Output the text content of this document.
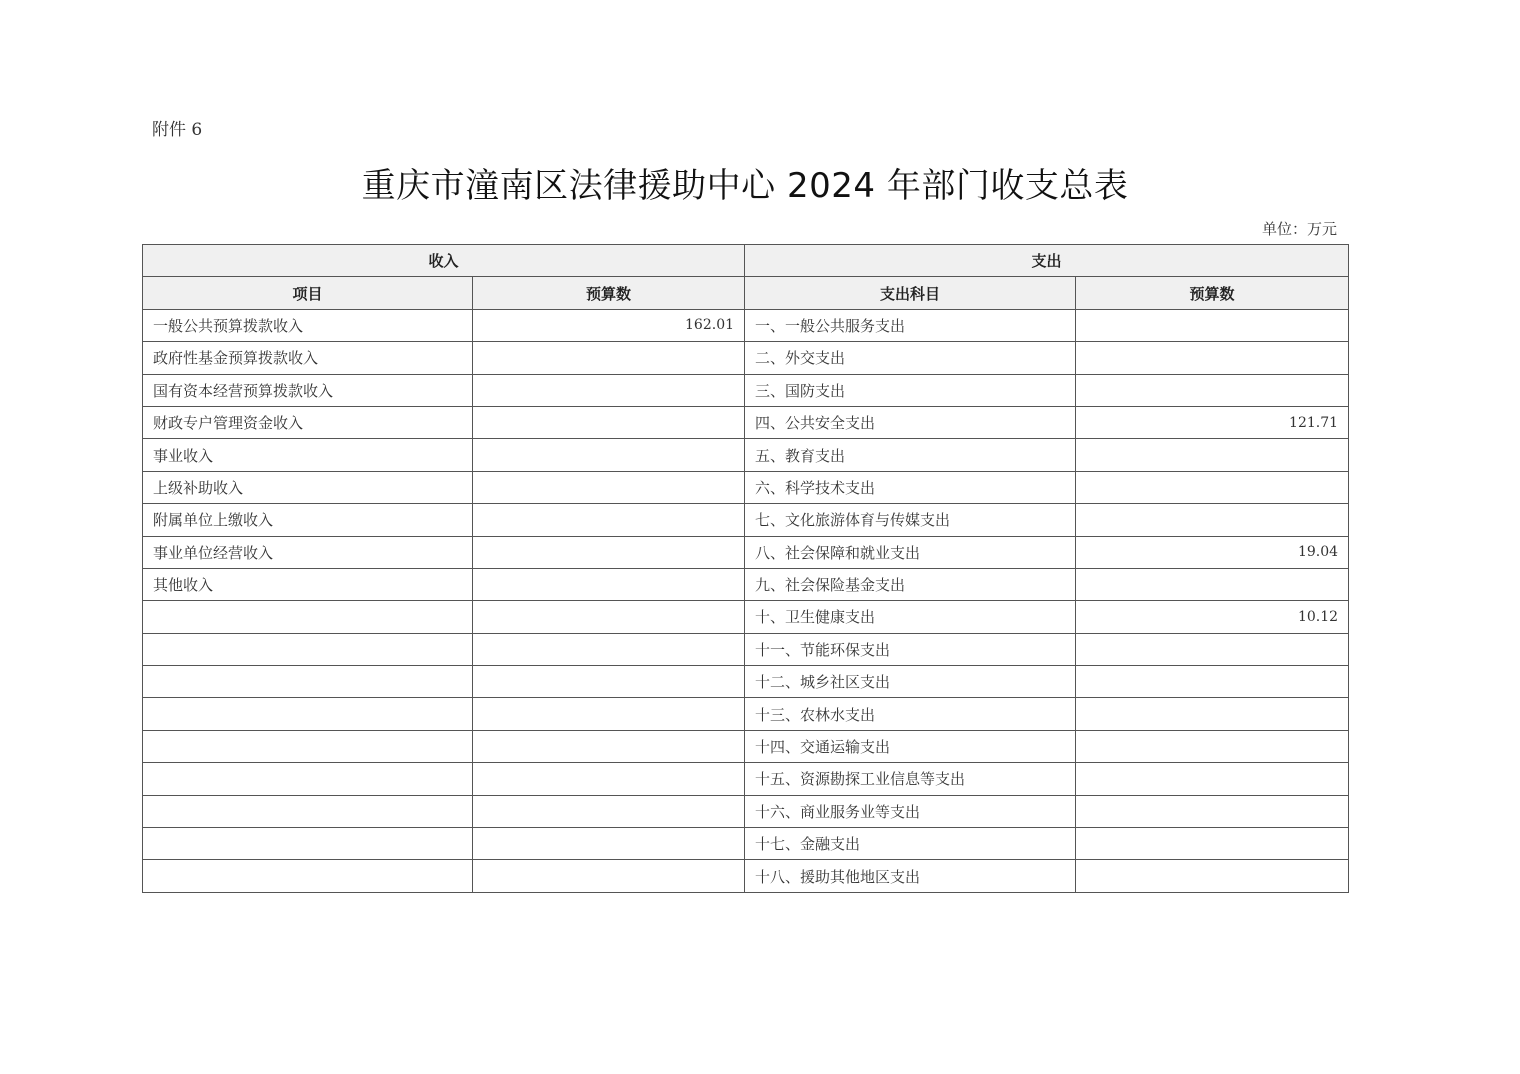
附件 6
重庆市潼南区法律援助中心 2024 年部门收支总表
单位：万元
收入		支出	
项目	预算数	支出科目	预算数
一般公共预算拨款收入	162.01	一、一般公共服务支出	
政府性基金预算拨款收入		二、外交支出	
国有资本经营预算拨款收入		三、国防支出	
财政专户管理资金收入		四、公共安全支出	121.71
事业收入		五、教育支出	
上级补助收入		六、科学技术支出	
附属单位上缴收入		七、文化旅游体育与传媒支出	
事业单位经营收入		八、社会保障和就业支出	19.04
其他收入		九、社会保险基金支出	
		十、卫生健康支出	10.12
		十一、节能环保支出	
		十二、城乡社区支出	
		十三、农林水支出	
		十四、交通运输支出	
		十五、资源勘探工业信息等支出	
		十六、商业服务业等支出	
		十七、金融支出	
		十八、援助其他地区支出	
